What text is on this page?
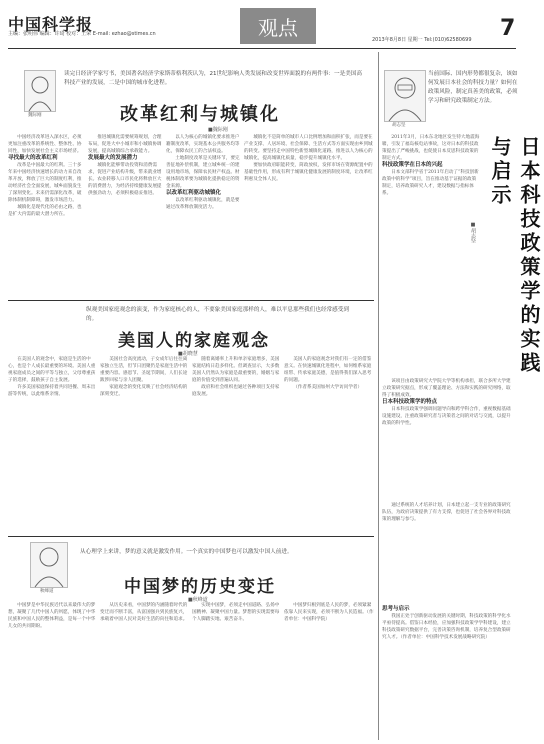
中国科学报
主编：张明伟 编辑：许琦 校对：王荣 E-mail: ezhao@stimes.cn	观点
2013年8月8日 星期一 Tel:(010)62580699 7
魏际刚
读完日经济学家写书，美国著名经济学家斯蒂格利茨认为，21世纪影响人类发展和改变世界面貌的有两件事：一是美国高科技产业的发展，二是中国的城市化进程。
改革红利与城镇化
■魏际刚

中国经济改革进入深水区，必须更加注重改革的系统性、整体性、协同性，加快发展社会主义市场经济。

寻找最大的改革红利

改革是中国最大的红利。三十多年来中国经济快速增长的动力来自改革开放，释放了巨大的制度红利，推动经济社会全面发展，城乡面貌发生了深刻变化。未来仍需深化改革，破除体制机制障碍，激发市场活力。

城镇化是现代化的必由之路，也是扩大内需的最大潜力所在。

推进城镇化需要统筹规划，合理布局，促进大中小城市和小城镇协调发展，提高城镇综合承载能力。

发展最大的发展潜力

城镇化能够带动投资和消费需求，促进产业结构升级，带来就业增长。农业转移人口市民化将释放巨大的消费潜力，为经济持续健康发展提供强劲动力，必须积极稳妥推进。

以人为核心的城镇化要求推进户籍制度改革，实现基本公共服务均等化，保障农民工的合法权益。

土地制度改革是关键环节，要完善征地补偿机制，建立城乡统一的建设用地市场，保障农民财产权益。财税体制改革要为城镇化提供稳定的资金来源。

以改革红利驱动城镇化

以改革红利驱动城镇化，就是要通过改革释放制度活力。

城镇化不是简单的城市人口比例增加和面积扩张，而是要在产业支撑、人居环境、社会保障、生活方式等方面实现由乡到城的转变。要坚持走中国特色新型城镇化道路，推进以人为核心的城镇化，提高城镇化质量，稳步提升城镇化水平。

要加快政府职能转变，简政放权，发挥市场在资源配置中的基础性作用，形成有利于城镇化健康发展的制度环境，让改革红利惠及全体人民。

纵观美国家庭观念的演变，作为家庭核心的人，不要象美国家庭那样的人，难以平息那些我们也经常感受到的。
美国人的家庭观念
■胡晓慧

在美国人的观念中，家庭是生活的中心，也是个人成长最重要的环境。美国人重视家庭成员之间的平等与独立，父母尊重孩子的选择，鼓励孩子自主发展。

许多美国家庭保持着共同进餐、周末出游等传统，以此维系亲情。

美国社会高度流动，子女成年后往往离家独立生活，但节日团聚仍是家庭生活中的重要内容。感恩节、圣诞节期间，人们长途跋涉回家与亲人团聚。

家庭观念的变化反映了社会经济结构的深刻变迁。

随着离婚率上升和单亲家庭增多，美国家庭结构日趋多样化。但调查显示，大多数美国人仍然认为家庭是最重要的，婚姻与家庭的价值受到普遍认同。

政府和社会组织也通过各种项目支持家庭发展。

美国人的家庭观念对我们有一定的借鉴意义。在快速城镇化进程中，如何维系家庭纽带、传承家庭美德，是值得我们深入思考的问题。

（作者系美国加州大学访问学者）

秋峰道
从心理学上来讲，梦的意义就是激发作用。一个真实的中国梦也可以激发中国人前进。
中国梦的历史变迁
■秋峰道

中国梦是中华民族近代以来最伟大的梦想，凝聚了几代中国人的夙愿，体现了中华民族和中国人民的整体利益，是每一个中华儿女的共同期盼。

从历史来看，中国梦的内涵随着时代的变迁而不断丰富，从富国强兵到民族复兴，承载着中国人民对美好生活的向往和追求。

实现中国梦，必须走中国道路、弘扬中国精神、凝聚中国力量。梦想的实现需要每个人脚踏实地、艰苦奋斗。

中国梦归根到底是人民的梦，必须紧紧依靠人民来实现，必须不断为人民造福。（作者单位：中国科学院）

胡志坚
当前国际、国内形势都很复杂，该如何发展日本社会的科技力量？如何在政策风险，制定真善美的政策，必须学习和研究政策制定方法。
日本科技政策学的实践与启示
■胡志坚

2011年3月，日本东北地区发生特大地震海啸，引发了福岛核电站事故，这对日本的科技政策提出了严峻挑战，也促使日本反思科技政策的制定方式。

科技政策学在日本的兴起

日本文部科学省于2011年启动了“科技创新政策中的科学”项目，旨在推动基于证据的政策制定，培养政策研究人才，建设数据与指标体系。

该项目由政策研究大学院大学等机构承担，联合多所大学建立政策研究据点，形成了覆盖理论、方法和实践的研究网络，取得了积极成效。

日本科技政策学的特点

日本科技政策学强调问题导向和跨学科合作，重视数据基础设施建设，注重政策研究者与决策者之间的对话与交流，以提升政策的科学性。

通过系统的人才培养计划，日本建立起一支专业的政策研究队伍，为政府决策提供了有力支撑，也促进了社会各界对科技政策的理解与参与。

思考与启示

我国正处于创新驱动发展的关键时期，科技政策的科学化水平亟待提高。借鉴日本经验，应加强科技政策学学科建设，建立科技政策研究数据平台，完善决策咨询机制，培养复合型政策研究人才。（作者单位：中国科学技术发展战略研究院）
